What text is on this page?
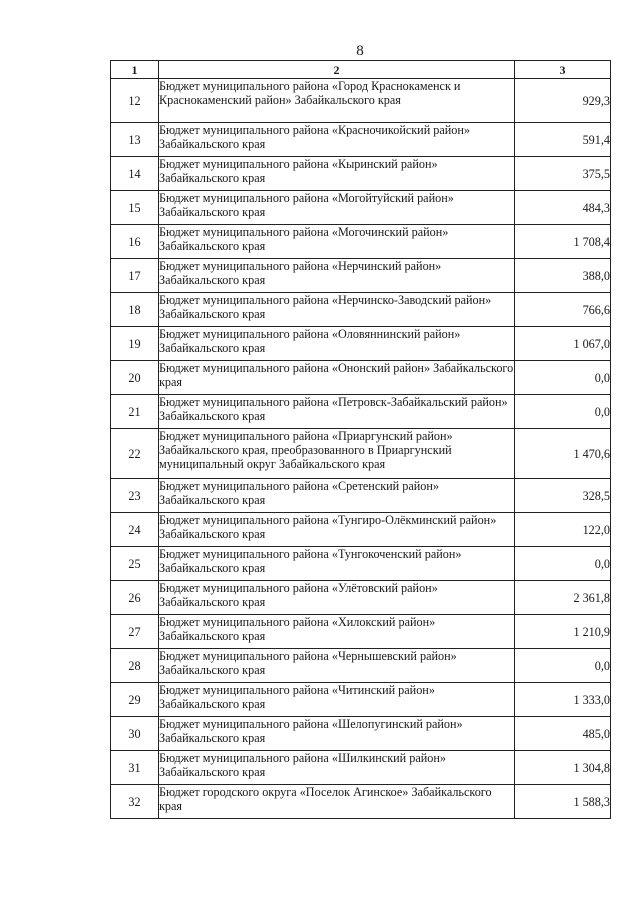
8
1	2	3
12	Бюджет муниципального района «Город Краснокаменск и Краснокаменский район» Забайкальского края	929,3
13	Бюджет муниципального района «Красночикойский район» Забайкальского края	591,4
14	Бюджет муниципального района «Кыринский район» Забайкальского края	375,5
15	Бюджет муниципального района «Могойтуйский район» Забайкальского края	484,3
16	Бюджет муниципального района «Могочинский район» Забайкальского края	1 708,4
17	Бюджет муниципального района «Нерчинский район» Забайкальского края	388,0
18	Бюджет муниципального района «Нерчинско-Заводский район» Забайкальского края	766,6
19	Бюджет муниципального района «Оловяннинский район» Забайкальского края	1 067,0
20	Бюджет муниципального района «Ононский район» Забайкальского края	0,0
21	Бюджет муниципального района «Петровск-Забайкальский район» Забайкальского края	0,0
22	Бюджет муниципального района «Приаргунский район» Забайкальского края, преобразованного в Приаргунский муниципальный округ Забайкальского края	1 470,6
23	Бюджет муниципального района «Сретенский район» Забайкальского края	328,5
24	Бюджет муниципального района «Тунгиро-Олёкминский район» Забайкальского края	122,0
25	Бюджет муниципального района «Тунгокоченский район» Забайкальского края	0,0
26	Бюджет муниципального района «Улётовский район» Забайкальского края	2 361,8
27	Бюджет муниципального района «Хилокский район» Забайкальского края	1 210,9
28	Бюджет муниципального района «Чернышевский район» Забайкальского края	0,0
29	Бюджет муниципального района «Читинский район» Забайкальского края	1 333,0
30	Бюджет муниципального района «Шелопугинский район» Забайкальского края	485,0
31	Бюджет муниципального района «Шилкинский район» Забайкальского края	1 304,8
32	Бюджет городского округа «Поселок Агинское» Забайкальского края	1 588,3
